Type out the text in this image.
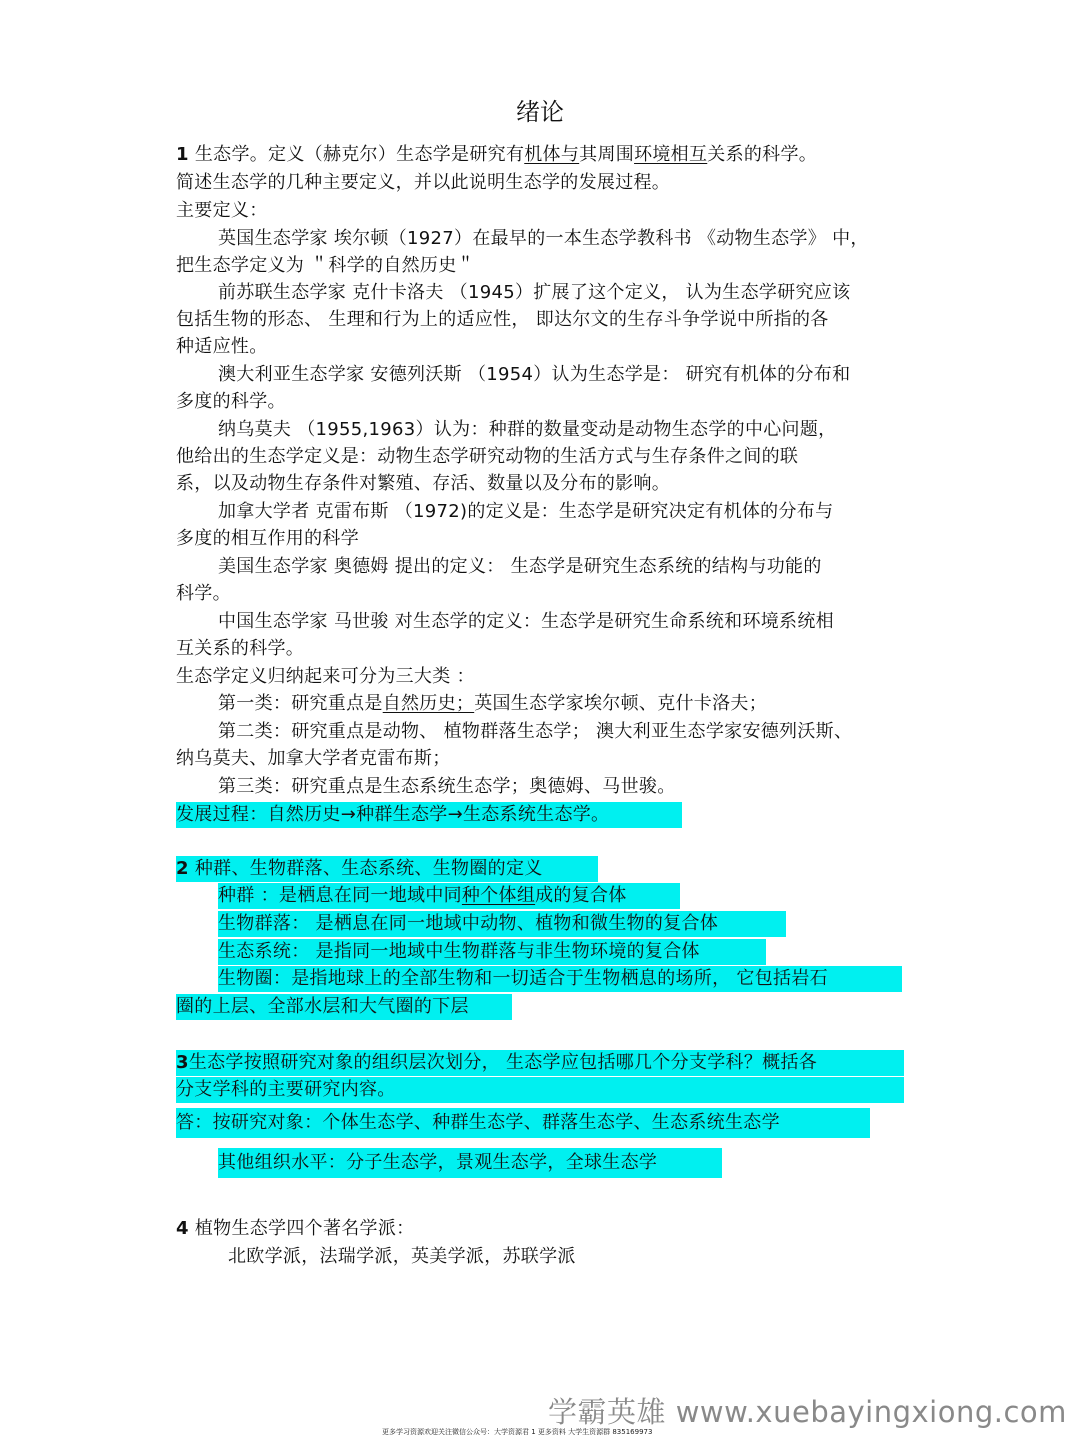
绪论
1 生态学。定义（赫克尔）生态学是研究有机体与其周围环境相互关系的科学。
简述生态学的几种主要定义，并以此说明生态学的发展过程。
主要定义：
英国生态学家 埃尔顿（1927）在最早的一本生态学教科书 《动物生态学》 中，
把生态学定义为 ＂科学的自然历史＂
前苏联生态学家 克什卡洛夫 （1945）扩展了这个定义， 认为生态学研究应该
包括生物的形态、 生理和行为上的适应性， 即达尔文的生存斗争学说中所指的各
种适应性。
澳大利亚生态学家 安德列沃斯 （1954）认为生态学是： 研究有机体的分布和
多度的科学。
纳乌莫夫 （1955,1963）认为：种群的数量变动是动物生态学的中心问题，
他给出的生态学定义是：动物生态学研究动物的生活方式与生存条件之间的联
系，以及动物生存条件对繁殖、存活、数量以及分布的影响。
加拿大学者 克雷布斯 （1972)的定义是：生态学是研究决定有机体的分布与
多度的相互作用的科学
美国生态学家 奥德姆 提出的定义： 生态学是研究生态系统的结构与功能的
科学。
中国生态学家 马世骏 对生态学的定义：生态学是研究生命系统和环境系统相
互关系的科学。
生态学定义归纳起来可分为三大类 ：
第一类：研究重点是自然历史；英国生态学家埃尔顿、克什卡洛夫；
第二类：研究重点是动物、 植物群落生态学； 澳大利亚生态学家安德列沃斯、
纳乌莫夫、加拿大学者克雷布斯；
第三类：研究重点是生态系统生态学；奥德姆、马世骏。
发展过程：自然历史→种群生态学→生态系统生态学。
2 种群、生物群落、生态系统、生物圈的定义
种群 ：是栖息在同一地域中同种个体组成的复合体
生物群落： 是栖息在同一地域中动物、植物和微生物的复合体
生态系统： 是指同一地域中生物群落与非生物环境的复合体
生物圈：是指地球上的全部生物和一切适合于生物栖息的场所， 它包括岩石
圈的上层、全部水层和大气圈的下层
3生态学按照研究对象的组织层次划分， 生态学应包括哪几个分支学科？概括各
分支学科的主要研究内容。
答：按研究对象：个体生态学、种群生态学、群落生态学、生态系统生态学
其他组织水平：分子生态学，景观生态学，全球生态学
4 植物生态学四个著名学派：
北欧学派，法瑞学派，英美学派，苏联学派
更多学习资源欢迎关注微信公众号：大学资源君 1 更多资料 大学生资源群 835169973
学霸英雄 www.xuebayingxiong.com
